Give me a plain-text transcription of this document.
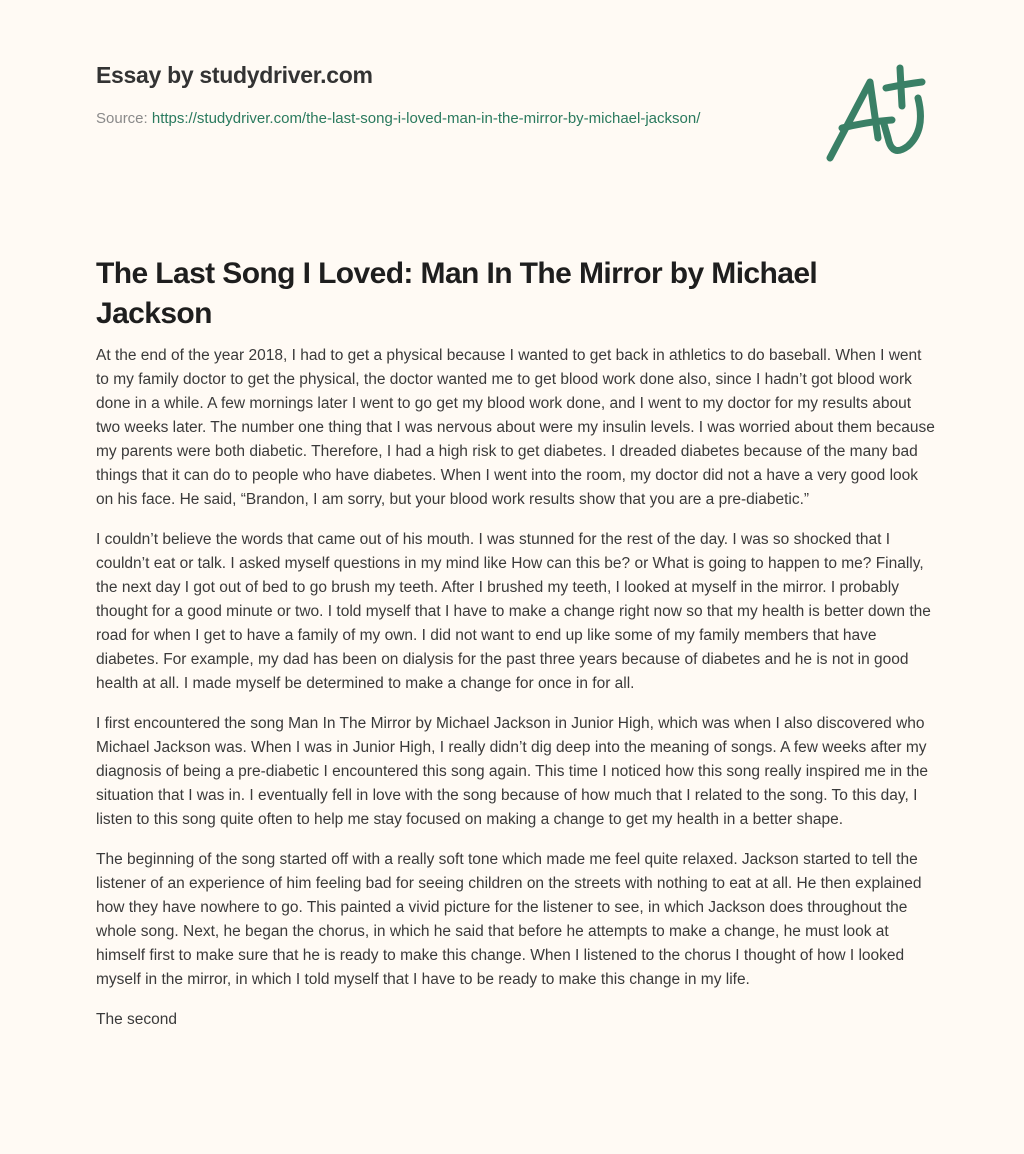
Essay by studydriver.com
Source: https://studydriver.com/the-last-song-i-loved-man-in-the-mirror-by-michael-jackson/
The Last Song I Loved: Man In The Mirror by Michael Jackson

At the end of the year 2018, I had to get a physical because I wanted to get back in athletics to do baseball. When I went to my family doctor to get the physical, the doctor wanted me to get blood work done also, since I hadn’t got blood work done in a while. A few mornings later I went to go get my blood work done, and I went to my doctor for my results about two weeks later. The number one thing that I was nervous about were my insulin levels. I was worried about them because my parents were both diabetic. Therefore, I had a high risk to get diabetes. I dreaded diabetes because of the many bad things that it can do to people who have diabetes. When I went into the room, my doctor did not a have a very good look on his face. He said, “Brandon, I am sorry, but your blood work results show that you are a pre-diabetic.”

I couldn’t believe the words that came out of his mouth. I was stunned for the rest of the day. I was so shocked that I couldn’t eat or talk. I asked myself questions in my mind like How can this be? or What is going to happen to me? Finally, the next day I got out of bed to go brush my teeth. After I brushed my teeth, I looked at myself in the mirror. I probably thought for a good minute or two. I told myself that I have to make a change right now so that my health is better down the road for when I get to have a family of my own. I did not want to end up like some of my family members that have diabetes. For example, my dad has been on dialysis for the past three years because of diabetes and he is not in good health at all. I made myself be determined to make a change for once in for all.

I first encountered the song Man In The Mirror by Michael Jackson in Junior High, which was when I also discovered who Michael Jackson was. When I was in Junior High, I really didn’t dig deep into the meaning of songs. A few weeks after my diagnosis of being a pre-diabetic I encountered this song again. This time I noticed how this song really inspired me in the situation that I was in. I eventually fell in love with the song because of how much that I related to the song. To this day, I listen to this song quite often to help me stay focused on making a change to get my health in a better shape.

The beginning of the song started off with a really soft tone which made me feel quite relaxed. Jackson started to tell the listener of an experience of him feeling bad for seeing children on the streets with nothing to eat at all. He then explained how they have nowhere to go. This painted a vivid picture for the listener to see, in which Jackson does throughout the whole song. Next, he began the chorus, in which he said that before he attempts to make a change, he must look at himself first to make sure that he is ready to make this change. When I listened to the chorus I thought of how I looked myself in the mirror, in which I told myself that I have to be ready to make this change in my life.

The second
